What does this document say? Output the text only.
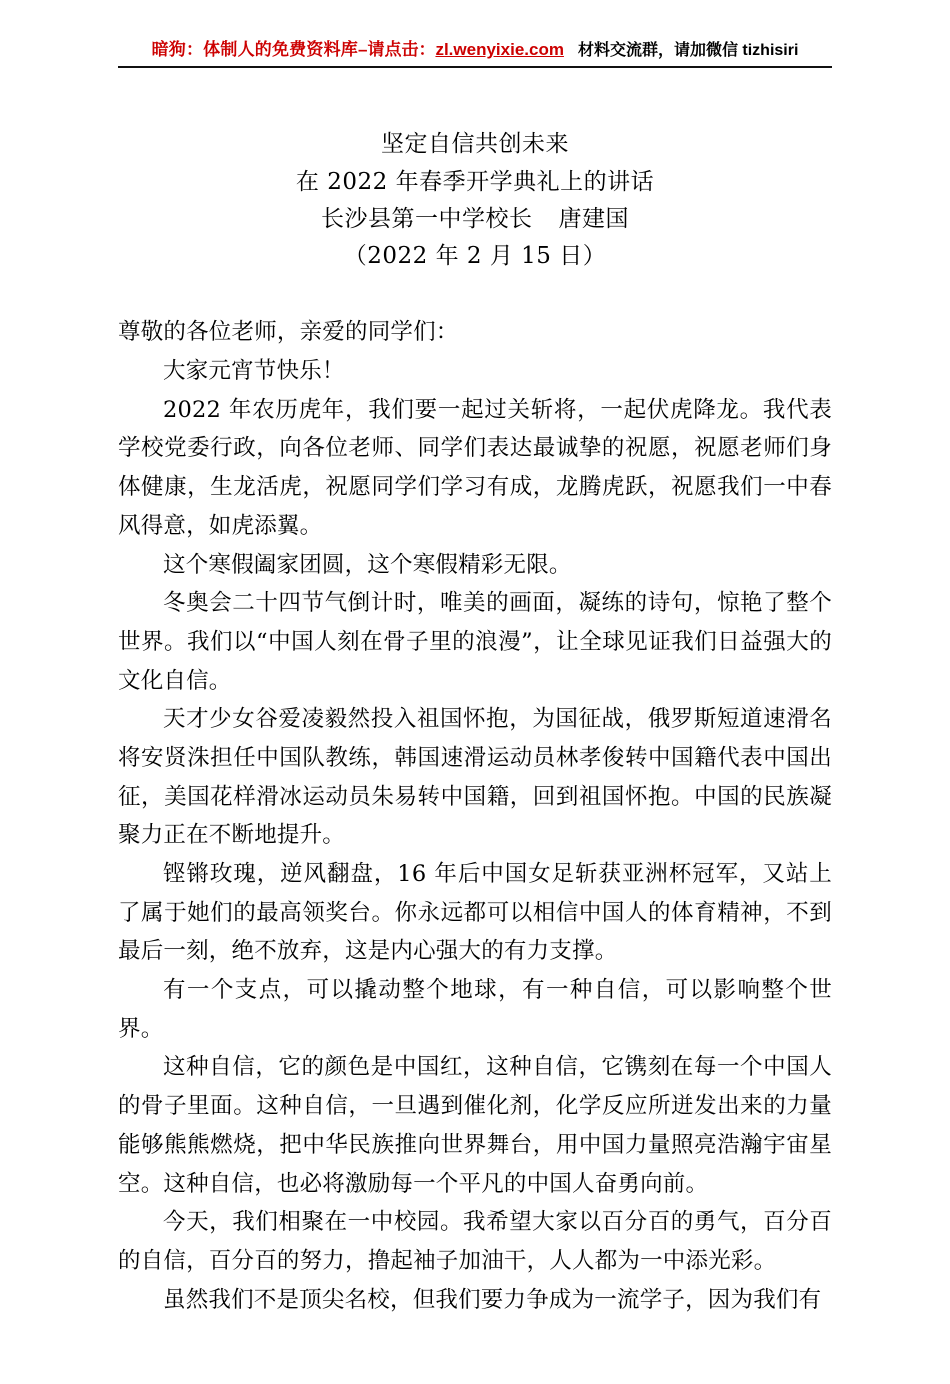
暗狗：体制人的免费资料库–请点击：zl.wenyixie.com 材料交流群，请加微信 tizhisiri
坚定自信共创未来
在 2022 年春季开学典礼上的讲话
长沙县第一中学校长 唐建国
（2022 年 2 月 15 日）

尊敬的各位老师，亲爱的同学们：

大家元宵节快乐！

2022 年农历虎年，我们要一起过关斩将，一起伏虎降龙。我代表学校党委行政，向各位老师、同学们表达最诚挚的祝愿，祝愿老师们身体健康，生龙活虎，祝愿同学们学习有成，龙腾虎跃，祝愿我们一中春风得意，如虎添翼。

这个寒假阖家团圆，这个寒假精彩无限。

冬奥会二十四节气倒计时，唯美的画面，凝练的诗句，惊艳了整个世界。我们以“中国人刻在骨子里的浪漫”，让全球见证我们日益强大的文化自信。

天才少女谷爱凌毅然投入祖国怀抱，为国征战，俄罗斯短道速滑名将安贤洙担任中国队教练，韩国速滑运动员林孝俊转中国籍代表中国出征，美国花样滑冰运动员朱易转中国籍，回到祖国怀抱。中国的民族凝聚力正在不断地提升。

铿锵玫瑰，逆风翻盘，16 年后中国女足斩获亚洲杯冠军，又站上了属于她们的最高领奖台。你永远都可以相信中国人的体育精神，不到最后一刻，绝不放弃，这是内心强大的有力支撑。

有一个支点，可以撬动整个地球，有一种自信，可以影响整个世界。

这种自信，它的颜色是中国红，这种自信，它镌刻在每一个中国人的骨子里面。这种自信，一旦遇到催化剂，化学反应所迸发出来的力量能够熊熊燃烧，把中华民族推向世界舞台，用中国力量照亮浩瀚宇宙星空。这种自信，也必将激励每一个平凡的中国人奋勇向前。

今天，我们相聚在一中校园。我希望大家以百分百的勇气，百分百的自信，百分百的努力，撸起袖子加油干，人人都为一中添光彩。

虽然我们不是顶尖名校，但我们要力争成为一流学子，因为我们有
